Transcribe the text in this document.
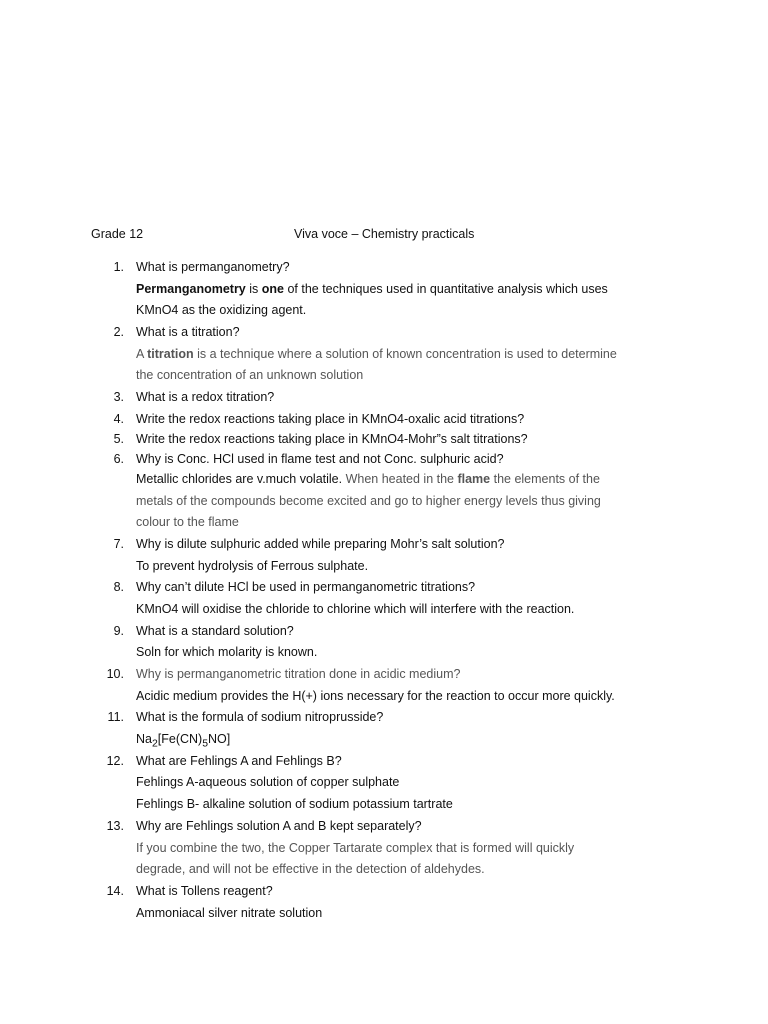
Grade 12	Viva voce – Chemistry practicals
1. What is permanganometry?
Permanganometry is one of the techniques used in quantitative analysis which uses
KMnO4 as the oxidizing agent.
2. What is a titration?
A titration is a technique where a solution of known concentration is used to determine
the concentration of an unknown solution
3. What is a redox titration?
4. Write the redox reactions taking place in KMnO4-oxalic acid titrations?
5. Write the redox reactions taking place in KMnO4-Mohr”s salt titrations?
6. Why is Conc. HCl used in flame test and not Conc. sulphuric acid?
Metallic chlorides are v.much volatile. When heated in the flame the elements of the
metals of the compounds become excited and go to higher energy levels thus giving
colour to the flame
7. Why is dilute sulphuric added while preparing Mohr’s salt solution?
To prevent hydrolysis of Ferrous sulphate.
8. Why can’t dilute HCl be used in permanganometric titrations?
KMnO4 will oxidise the chloride to chlorine which will interfere with the reaction.
9. What is a standard solution?
Soln for which molarity is known.
10. Why is permanganometric titration done in acidic medium?
Acidic medium provides the H(+) ions necessary for the reaction to occur more quickly.
11. What is the formula of sodium nitroprusside?
$Na_2[Fe(CN)_5NO]$
12. What are Fehlings A and Fehlings B?
Fehlings A-aqueous solution of copper sulphate
Fehlings B- alkaline solution of sodium potassium tartrate
13. Why are Fehlings solution A and B kept separately?
If you combine the two, the Copper Tartarate complex that is formed will quickly
degrade, and will not be effective in the detection of aldehydes.
14. What is Tollens reagent?
Ammoniacal silver nitrate solution
